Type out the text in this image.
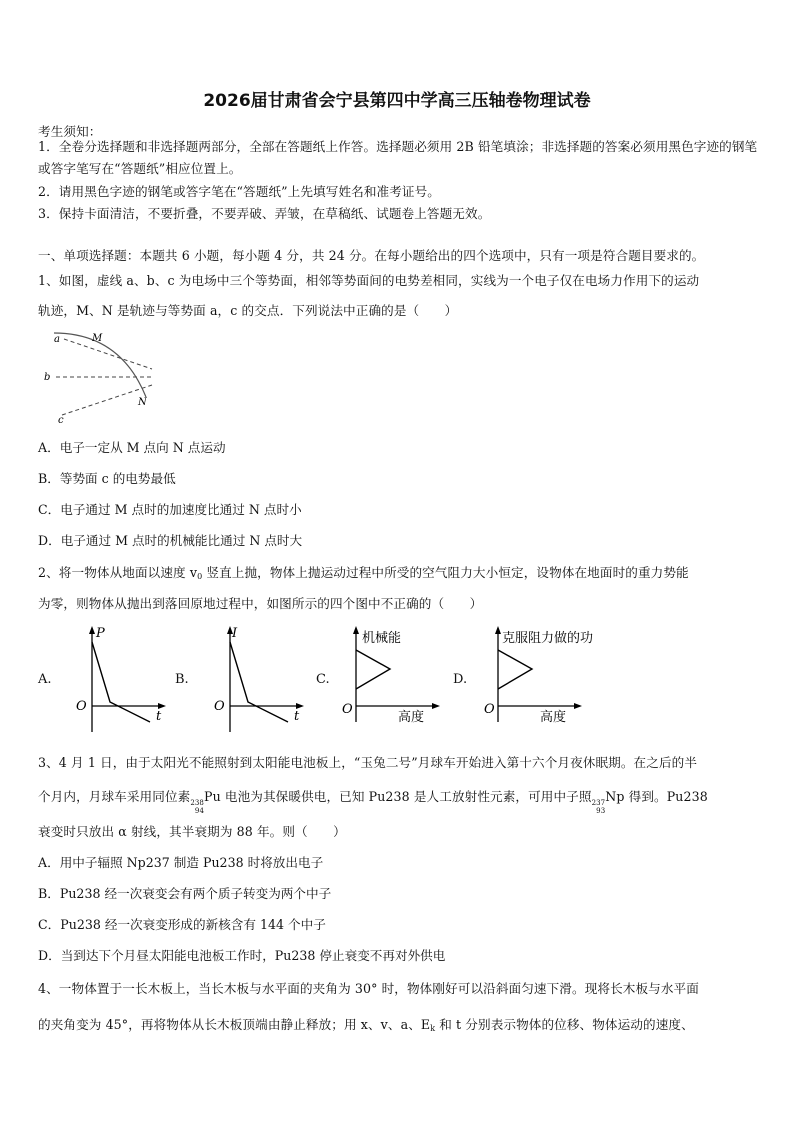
2026届甘肃省会宁县第四中学高三压轴卷物理试卷
考生须知：
1．全卷分选择题和非选择题两部分，全部在答题纸上作答。选择题必须用 2B 铅笔填涂；非选择题的答案必须用黑色字迹的钢笔或答字笔写在“答题纸”相应位置上。
2．请用黑色字迹的钢笔或答字笔在“答题纸”上先填写姓名和准考证号。
3．保持卡面清洁，不要折叠，不要弄破、弄皱，在草稿纸、试题卷上答题无效。
一、单项选择题：本题共 6 小题，每小题 4 分，共 24 分。在每小题给出的四个选项中，只有一项是符合题目要求的。
1、如图，虚线 a、b、c 为电场中三个等势面，相邻等势面间的电势差相同，实线为一个电子仅在电场力作用下的运动
轨迹，M、N 是轨迹与等势面 a，c 的交点．下列说法中正确的是（　　）
a
b
c
M
N
A．电子一定从 M 点向 N 点运动
B．等势面 c 的电势最低
C．电子通过 M 点时的加速度比通过 N 点时小
D．电子通过 M 点时的机械能比通过 N 点时大
2、将一物体从地面以速度 $v_0$ 竖直上抛，物体上抛运动过程中所受的空气阻力大小恒定，设物体在地面时的重力势能
为零，则物体从抛出到落回原地过程中，如图所示的四个图中不正确的（　　）
A.
P
O
t
B.
I
O
t
C.
机械能
O
高度
D.
克服阻力做的功
O
高度
3、4 月 1 日，由于太阳光不能照射到太阳能电池板上，“玉兔二号”月球车开始进入第十六个月夜休眠期。在之后的半
个月内，月球车采用同位素 238
94
Pu 电池为其保暖供电，已知 Pu238 是人工放射性元素，可用中子照 237
93
Np 得到。Pu238
衰变时只放出 α 射线，其半衰期为 88 年。则（　　）
A．用中子辐照 Np237 制造 Pu238 时将放出电子
B．Pu238 经一次衰变会有两个质子转变为两个中子
C．Pu238 经一次衰变形成的新核含有 144 个中子
D．当到达下个月昼太阳能电池板工作时，Pu238 停止衰变不再对外供电
4、一物体置于一长木板上，当长木板与水平面的夹角为 30° 时，物体刚好可以沿斜面匀速下滑。现将长木板与水平面
的夹角变为 45°，再将物体从长木板顶端由静止释放；用 x、v、a、$E_k$ 和 t 分别表示物体的位移、物体运动的速度、
